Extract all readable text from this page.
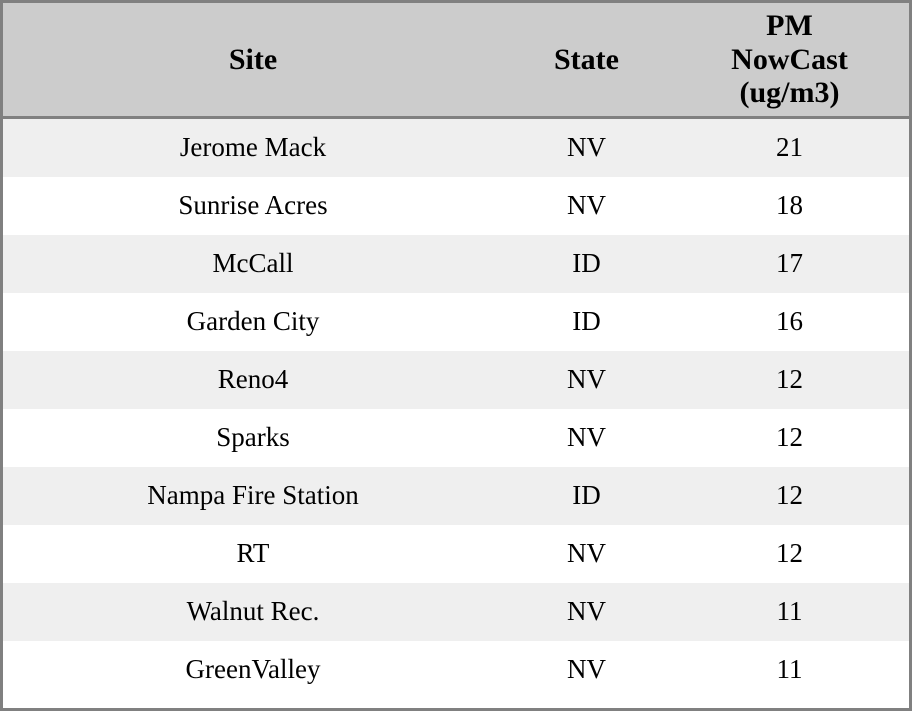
Site	State	PM
NowCast
(ug/m3)

Jerome Mack	NV	21
Sunrise Acres	NV	18
McCall	ID	17
Garden City	ID	16
Reno4	NV	12
Sparks	NV	12
Nampa Fire Station	ID	12
RT	NV	12
Walnut Rec.	NV	11
GreenValley	NV	11
